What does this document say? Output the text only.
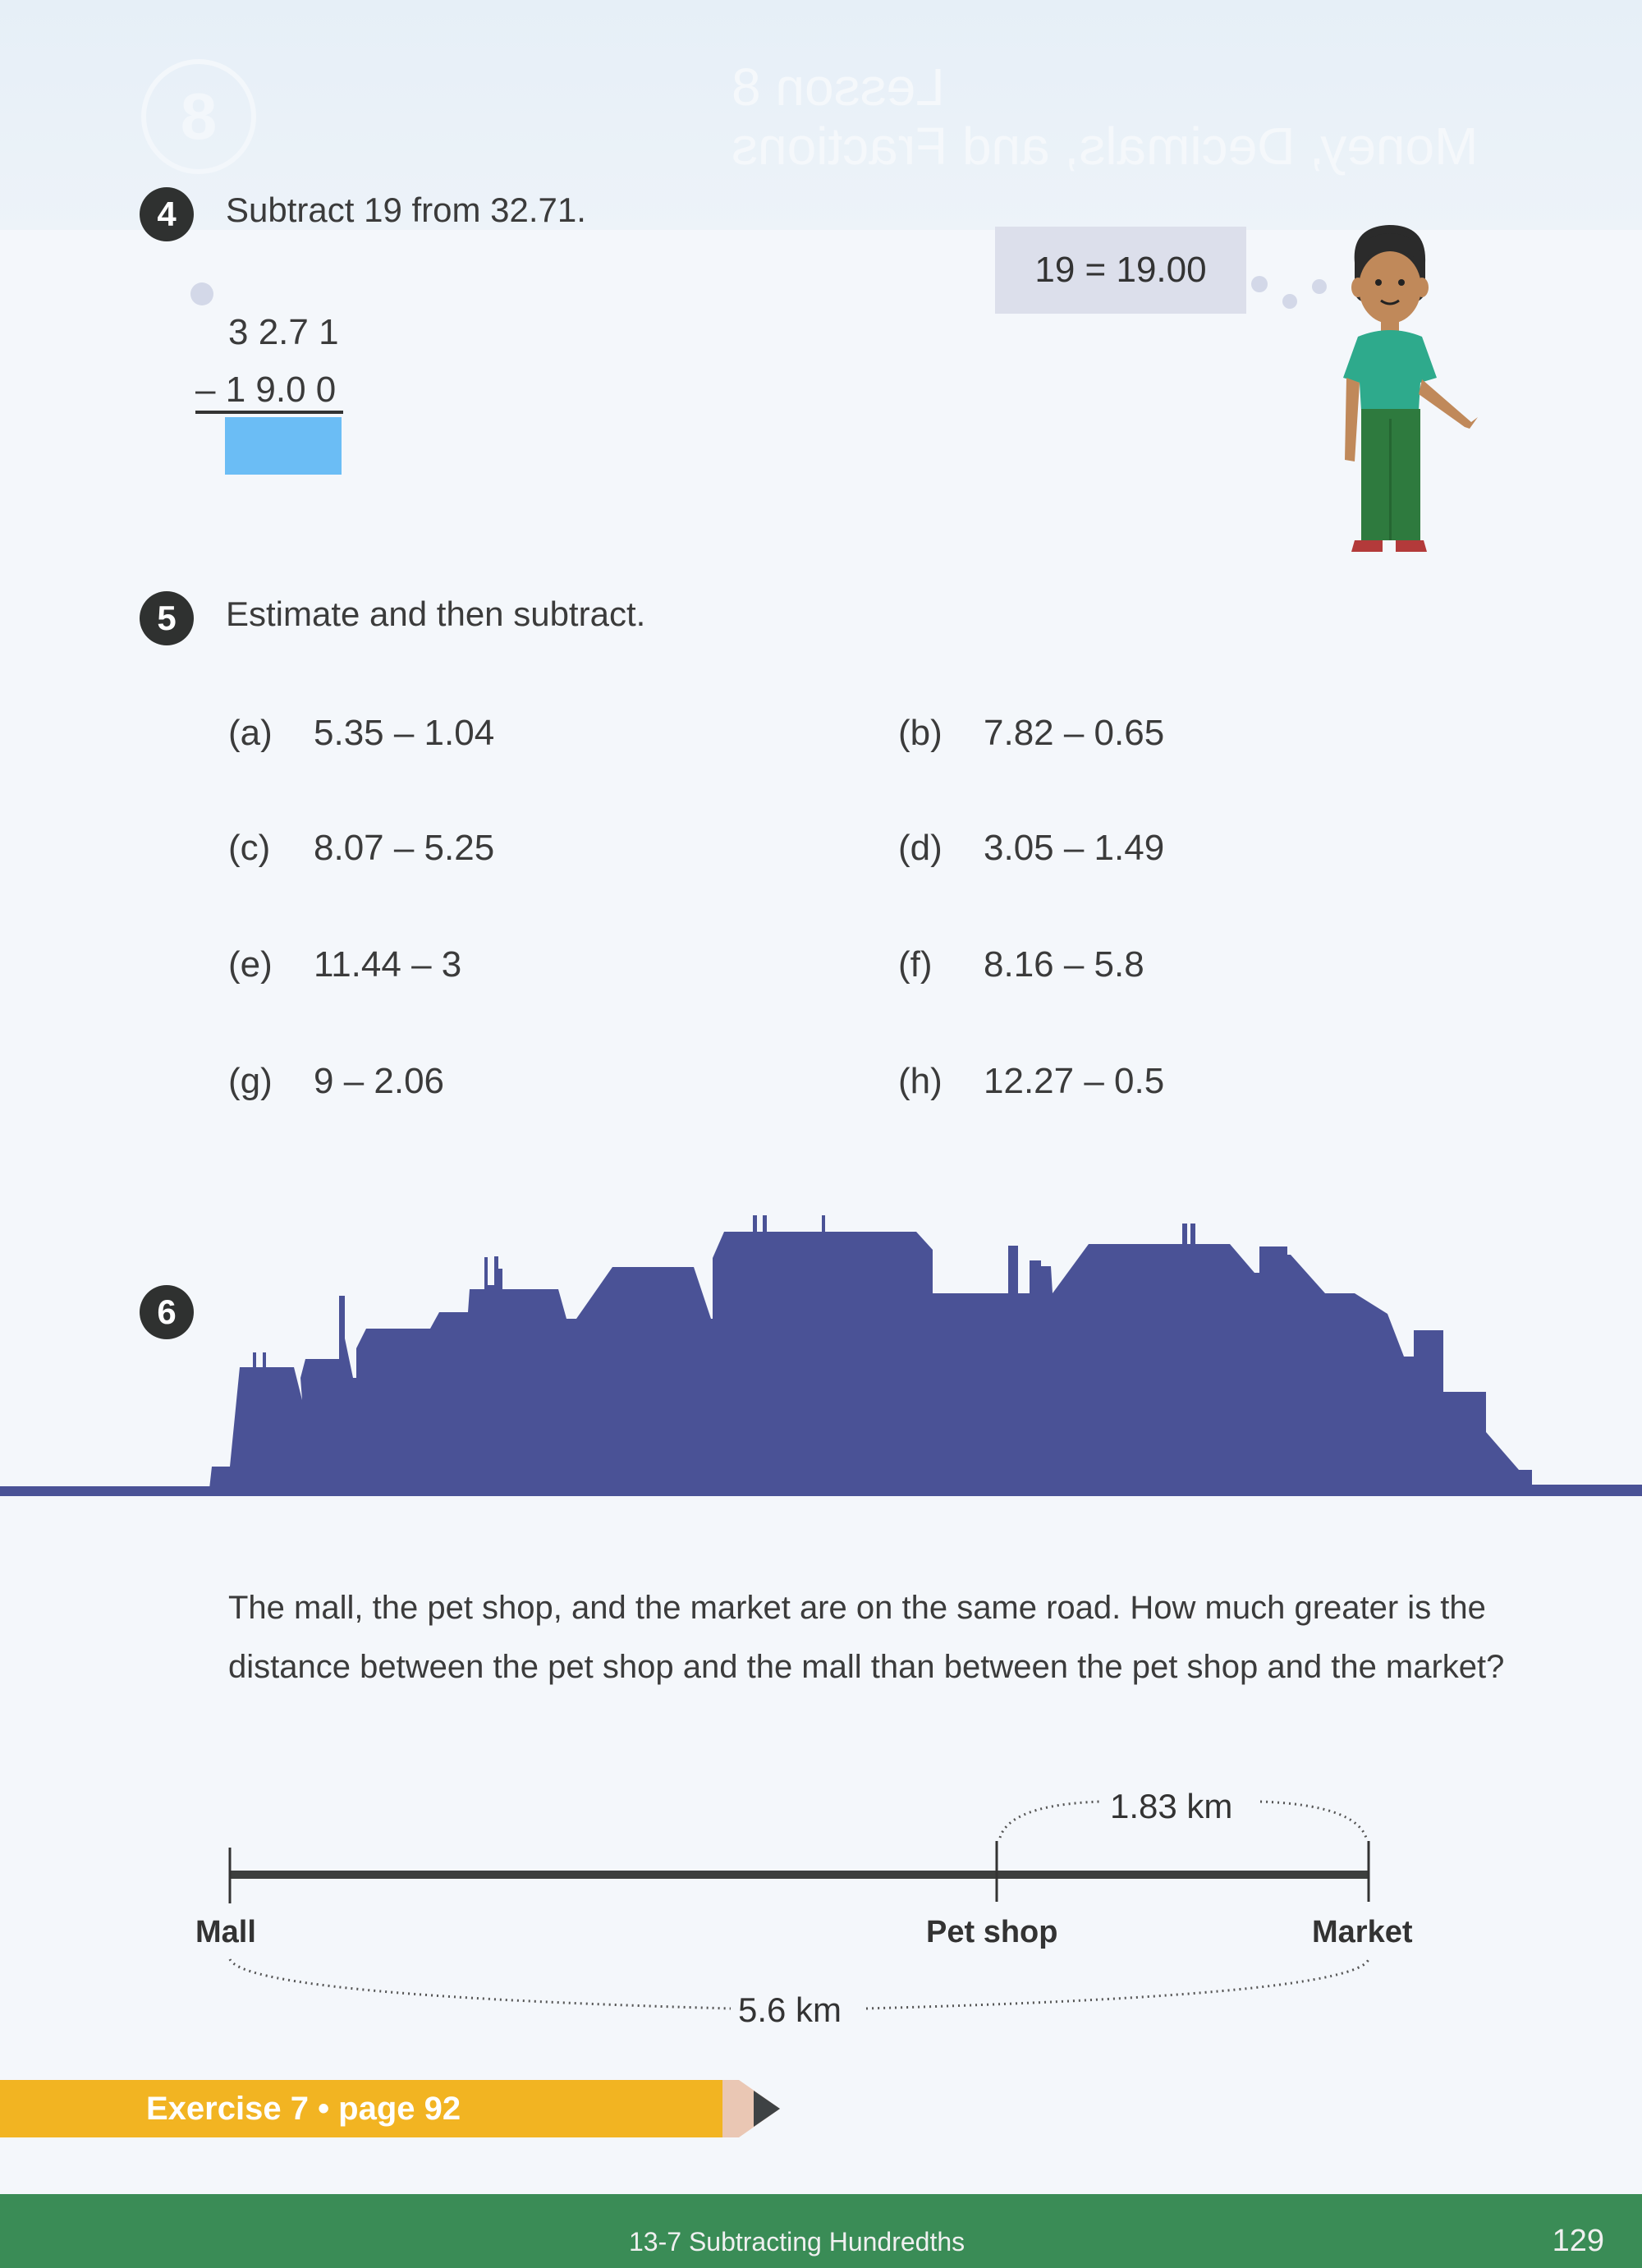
8	Lesson 8
Money, Decimals, and Fractions
4 Subtract 19 from 32.71.
3 2.7 1
– 1 9.0 0
19 = 19.00
5 Estimate and then subtract.
(a) 5.35 – 1.04	(b) 7.82 – 0.65
(c) 8.07 – 5.25	(d) 3.05 – 1.49
(e) 11.44 – 3	(f) 8.16 – 5.8
(g) 9 – 2.06	(h) 12.27 – 0.5
6
The mall, the pet shop, and the market are on the same road. How much greater is the distance between the pet shop and the mall than between the pet shop and the market?
Mall	Pet shop	Market
1.83 km
5.6 km
Exercise 7 • page 92
13-7 Subtracting Hundredths	129
